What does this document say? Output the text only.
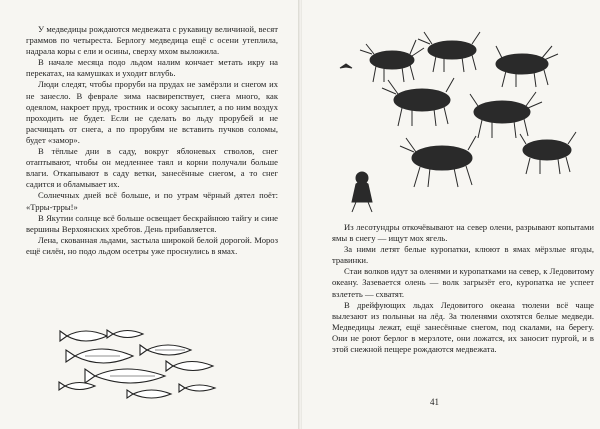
У медведицы рождаются медвежата с рукавицу величиной, весят граммов по четыреста. Берлогу медведица ещё с осени утеплила, надрала коры с ели и осины, сверху мхом выложила.

В начале месяца подо льдом налим кончает метать икру на перекатах, на камушках и уходит вглубь.

Люди следят, чтобы проруби на прудах не замёрзли и снегом их не занесло. В феврале зима насвирепствует, снега много, как одеялом, накроет пруд, тростник и осоку засыплет, а по ним воздух проходить не будет. Если не сделать во льду прорубей и не расчищать от снега, а по прорубям не вставить пучков соломы, будет «замор».

В тёплые дни в саду, вокруг яблоневых стволов, снег отаптывают, чтобы он медленнее таял и корни получали больше влаги. Откапывают в саду ветки, занесённые снегом, а то снег садится и обламывает их.

Солнечных дней всё больше, и по утрам чёрный дятел поёт: «Трры-трры!»

В Якутии солнце всё больше освещает бескрайнюю тайгу и сине вершины Верхоянских хребтов. День прибавляется.

Лена, скованная льдами, застыла широкой белой дорогой. Мороз ещё силён, но подо льдом осетры уже проснулись в ямах.

Из лесотундры откочёвывают на север олени, разрывают копытами ямы в снегу — ищут мох ягель.

За ними летят белые куропатки, клюют в ямах мёрзлые ягоды, травинки.

Стаи волков идут за оленями и куропатками на север, к Ледовитому океану. Зазевается олень — волк загрызёт его, куропатка не успеет взлететь — схватят.

В дрейфующих льдах Ледовитого океана тюлени всё чаще вылезают из полыньи на лёд. За тюленями охотятся белые медведи. Медведицы лежат, ещё занесённые снегом, под скалами, на берегу. Они не роют берлог в мерзлоте, они ложатся, их заносит пургой, и в этой снежной пещере рождаются медвежата.

41
